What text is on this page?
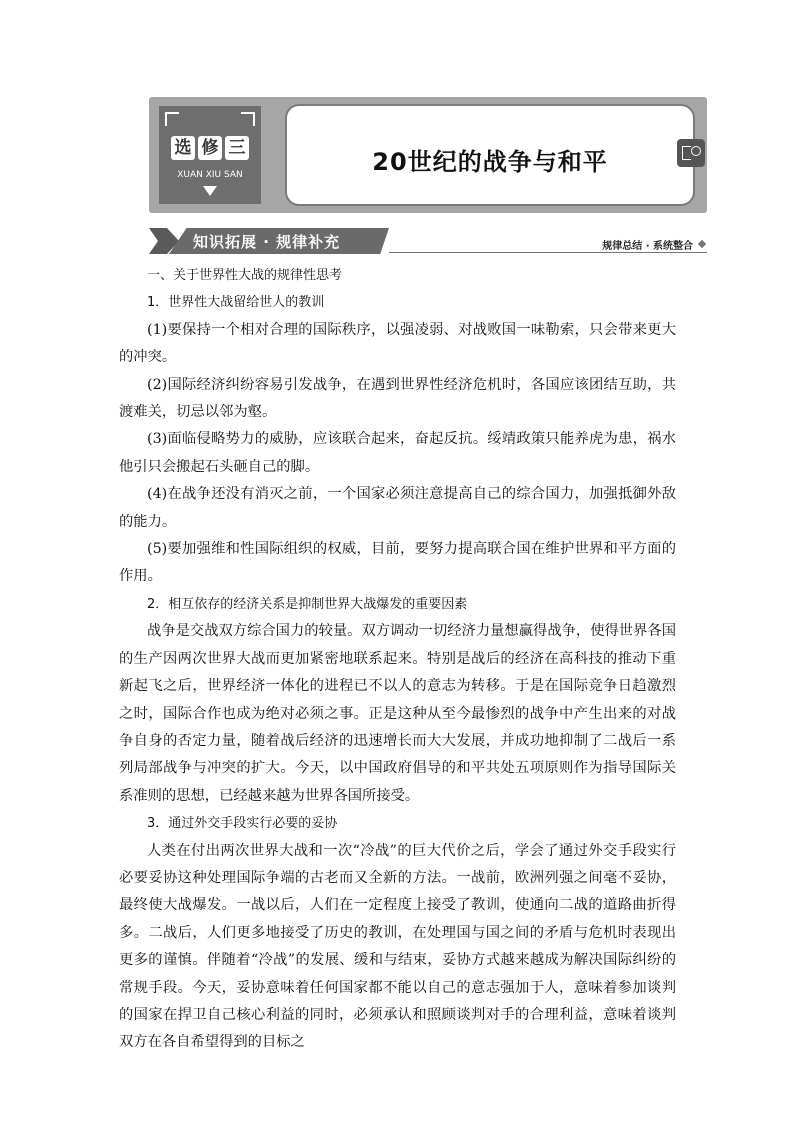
选 修 三
XUAN XIU SAN	20世纪的战争与和平
知识拓展 · 规律补充	规律总结 · 系统整合

一、关于世界性大战的规律性思考

1．世界性大战留给世人的教训

(1)要保持一个相对合理的国际秩序，以强凌弱、对战败国一味勒索，只会带来更大的冲突。

(2)国际经济纠纷容易引发战争，在遇到世界性经济危机时，各国应该团结互助，共渡难关，切忌以邻为壑。

(3)面临侵略势力的威胁，应该联合起来，奋起反抗。绥靖政策只能养虎为患，祸水他引只会搬起石头砸自己的脚。

(4)在战争还没有消灭之前，一个国家必须注意提高自己的综合国力，加强抵御外敌的能力。

(5)要加强维和性国际组织的权威，目前，要努力提高联合国在维护世界和平方面的作用。

2．相互依存的经济关系是抑制世界大战爆发的重要因素

战争是交战双方综合国力的较量。双方调动一切经济力量想赢得战争，使得世界各国的生产因两次世界大战而更加紧密地联系起来。特别是战后的经济在高科技的推动下重新起飞之后，世界经济一体化的进程已不以人的意志为转移。于是在国际竞争日趋激烈之时，国际合作也成为绝对必须之事。正是这种从至今最惨烈的战争中产生出来的对战争自身的否定力量，随着战后经济的迅速增长而大大发展，并成功地抑制了二战后一系列局部战争与冲突的扩大。今天，以中国政府倡导的和平共处五项原则作为指导国际关系准则的思想，已经越来越为世界各国所接受。

3．通过外交手段实行必要的妥协

人类在付出两次世界大战和一次“冷战”的巨大代价之后，学会了通过外交手段实行必要妥协这种处理国际争端的古老而又全新的方法。一战前，欧洲列强之间毫不妥协，最终使大战爆发。一战以后，人们在一定程度上接受了教训，使通向二战的道路曲折得多。二战后，人们更多地接受了历史的教训，在处理国与国之间的矛盾与危机时表现出更多的谨慎。伴随着“冷战”的发展、缓和与结束，妥协方式越来越成为解决国际纠纷的常规手段。今天，妥协意味着任何国家都不能以自己的意志强加于人，意味着参加谈判的国家在捍卫自己核心利益的同时，必须承认和照顾谈判对手的合理利益，意味着谈判双方在各自希望得到的目标之
